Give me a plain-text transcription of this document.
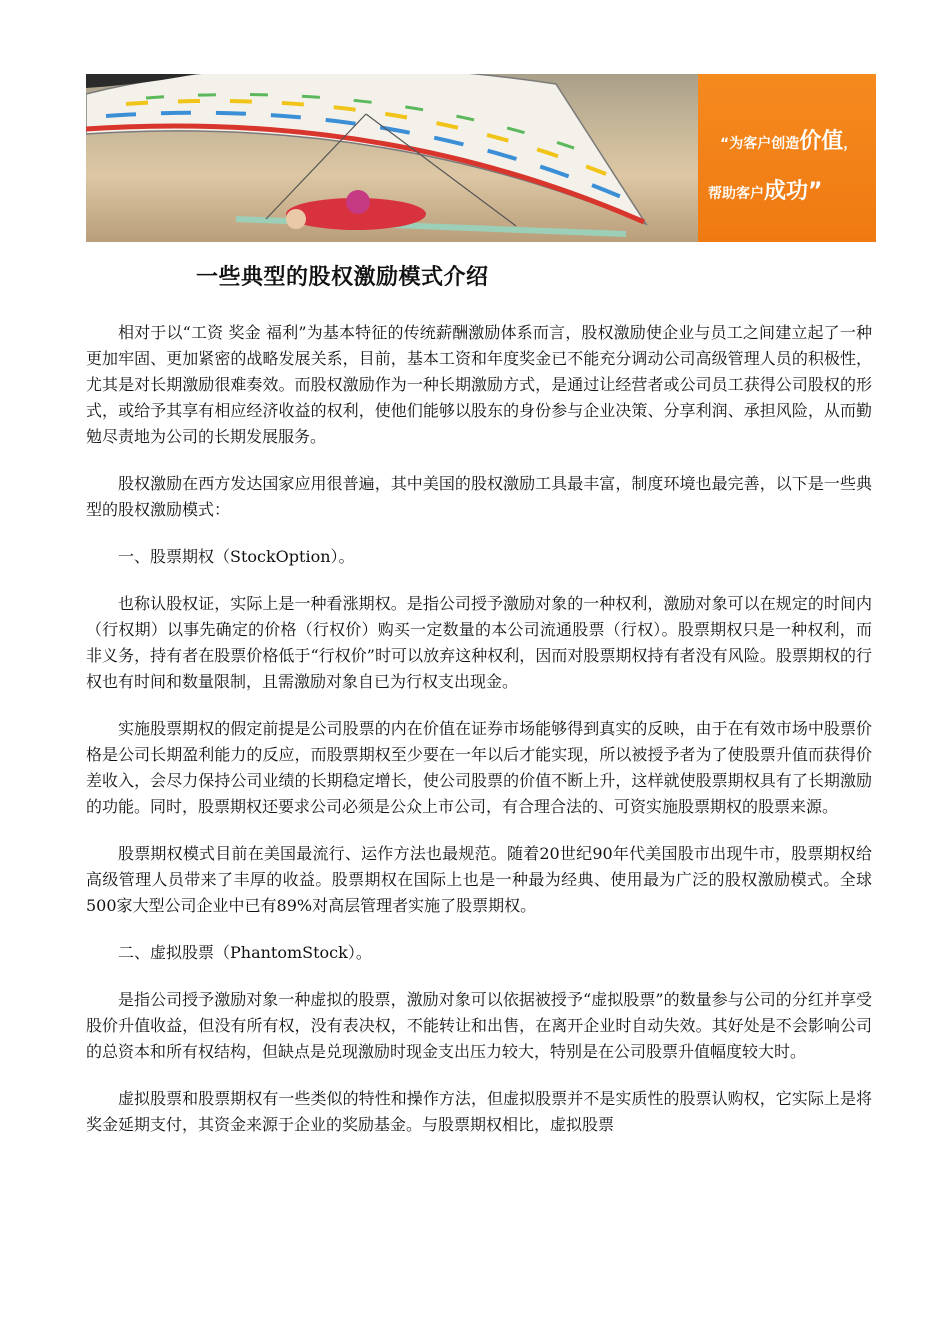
“为客户创造价值，
帮助客户成功”
一些典型的股权激励模式介绍

相对于以“工资 奖金 福利”为基本特征的传统薪酬激励体系而言，股权激励使企业与员工之间建立起了一种更加牢固、更加紧密的战略发展关系，目前，基本工资和年度奖金已不能充分调动公司高级管理人员的积极性，尤其是对长期激励很难奏效。而股权激励作为一种长期激励方式，是通过让经营者或公司员工获得公司股权的形式，或给予其享有相应经济收益的权利，使他们能够以股东的身份参与企业决策、分享利润、承担风险，从而勤勉尽责地为公司的长期发展服务。

股权激励在西方发达国家应用很普遍，其中美国的股权激励工具最丰富，制度环境也最完善，以下是一些典型的股权激励模式：

一、股票期权（StockOption）。

也称认股权证，实际上是一种看涨期权。是指公司授予激励对象的一种权利，激励对象可以在规定的时间内（行权期）以事先确定的价格（行权价）购买一定数量的本公司流通股票（行权）。股票期权只是一种权利，而非义务，持有者在股票价格低于“行权价”时可以放弃这种权利，因而对股票期权持有者没有风险。股票期权的行权也有时间和数量限制，且需激励对象自已为行权支出现金。

实施股票期权的假定前提是公司股票的内在价值在证券市场能够得到真实的反映，由于在有效市场中股票价格是公司长期盈利能力的反应，而股票期权至少要在一年以后才能实现，所以被授予者为了使股票升值而获得价差收入，会尽力保持公司业绩的长期稳定增长，使公司股票的价值不断上升，这样就使股票期权具有了长期激励的功能。同时，股票期权还要求公司必须是公众上市公司，有合理合法的、可资实施股票期权的股票来源。

股票期权模式目前在美国最流行、运作方法也最规范。随着20世纪90年代美国股市出现牛市，股票期权给高级管理人员带来了丰厚的收益。股票期权在国际上也是一种最为经典、使用最为广泛的股权激励模式。全球500家大型公司企业中已有89%对高层管理者实施了股票期权。

二、虚拟股票（PhantomStock）。

是指公司授予激励对象一种虚拟的股票，激励对象可以依据被授予“虚拟股票”的数量参与公司的分红并享受股价升值收益，但没有所有权，没有表决权，不能转让和出售，在离开企业时自动失效。其好处是不会影响公司的总资本和所有权结构，但缺点是兑现激励时现金支出压力较大，特别是在公司股票升值幅度较大时。

虚拟股票和股票期权有一些类似的特性和操作方法，但虚拟股票并不是实质性的股票认购权，它实际上是将奖金延期支付，其资金来源于企业的奖励基金。与股票期权相比，虚拟股票
